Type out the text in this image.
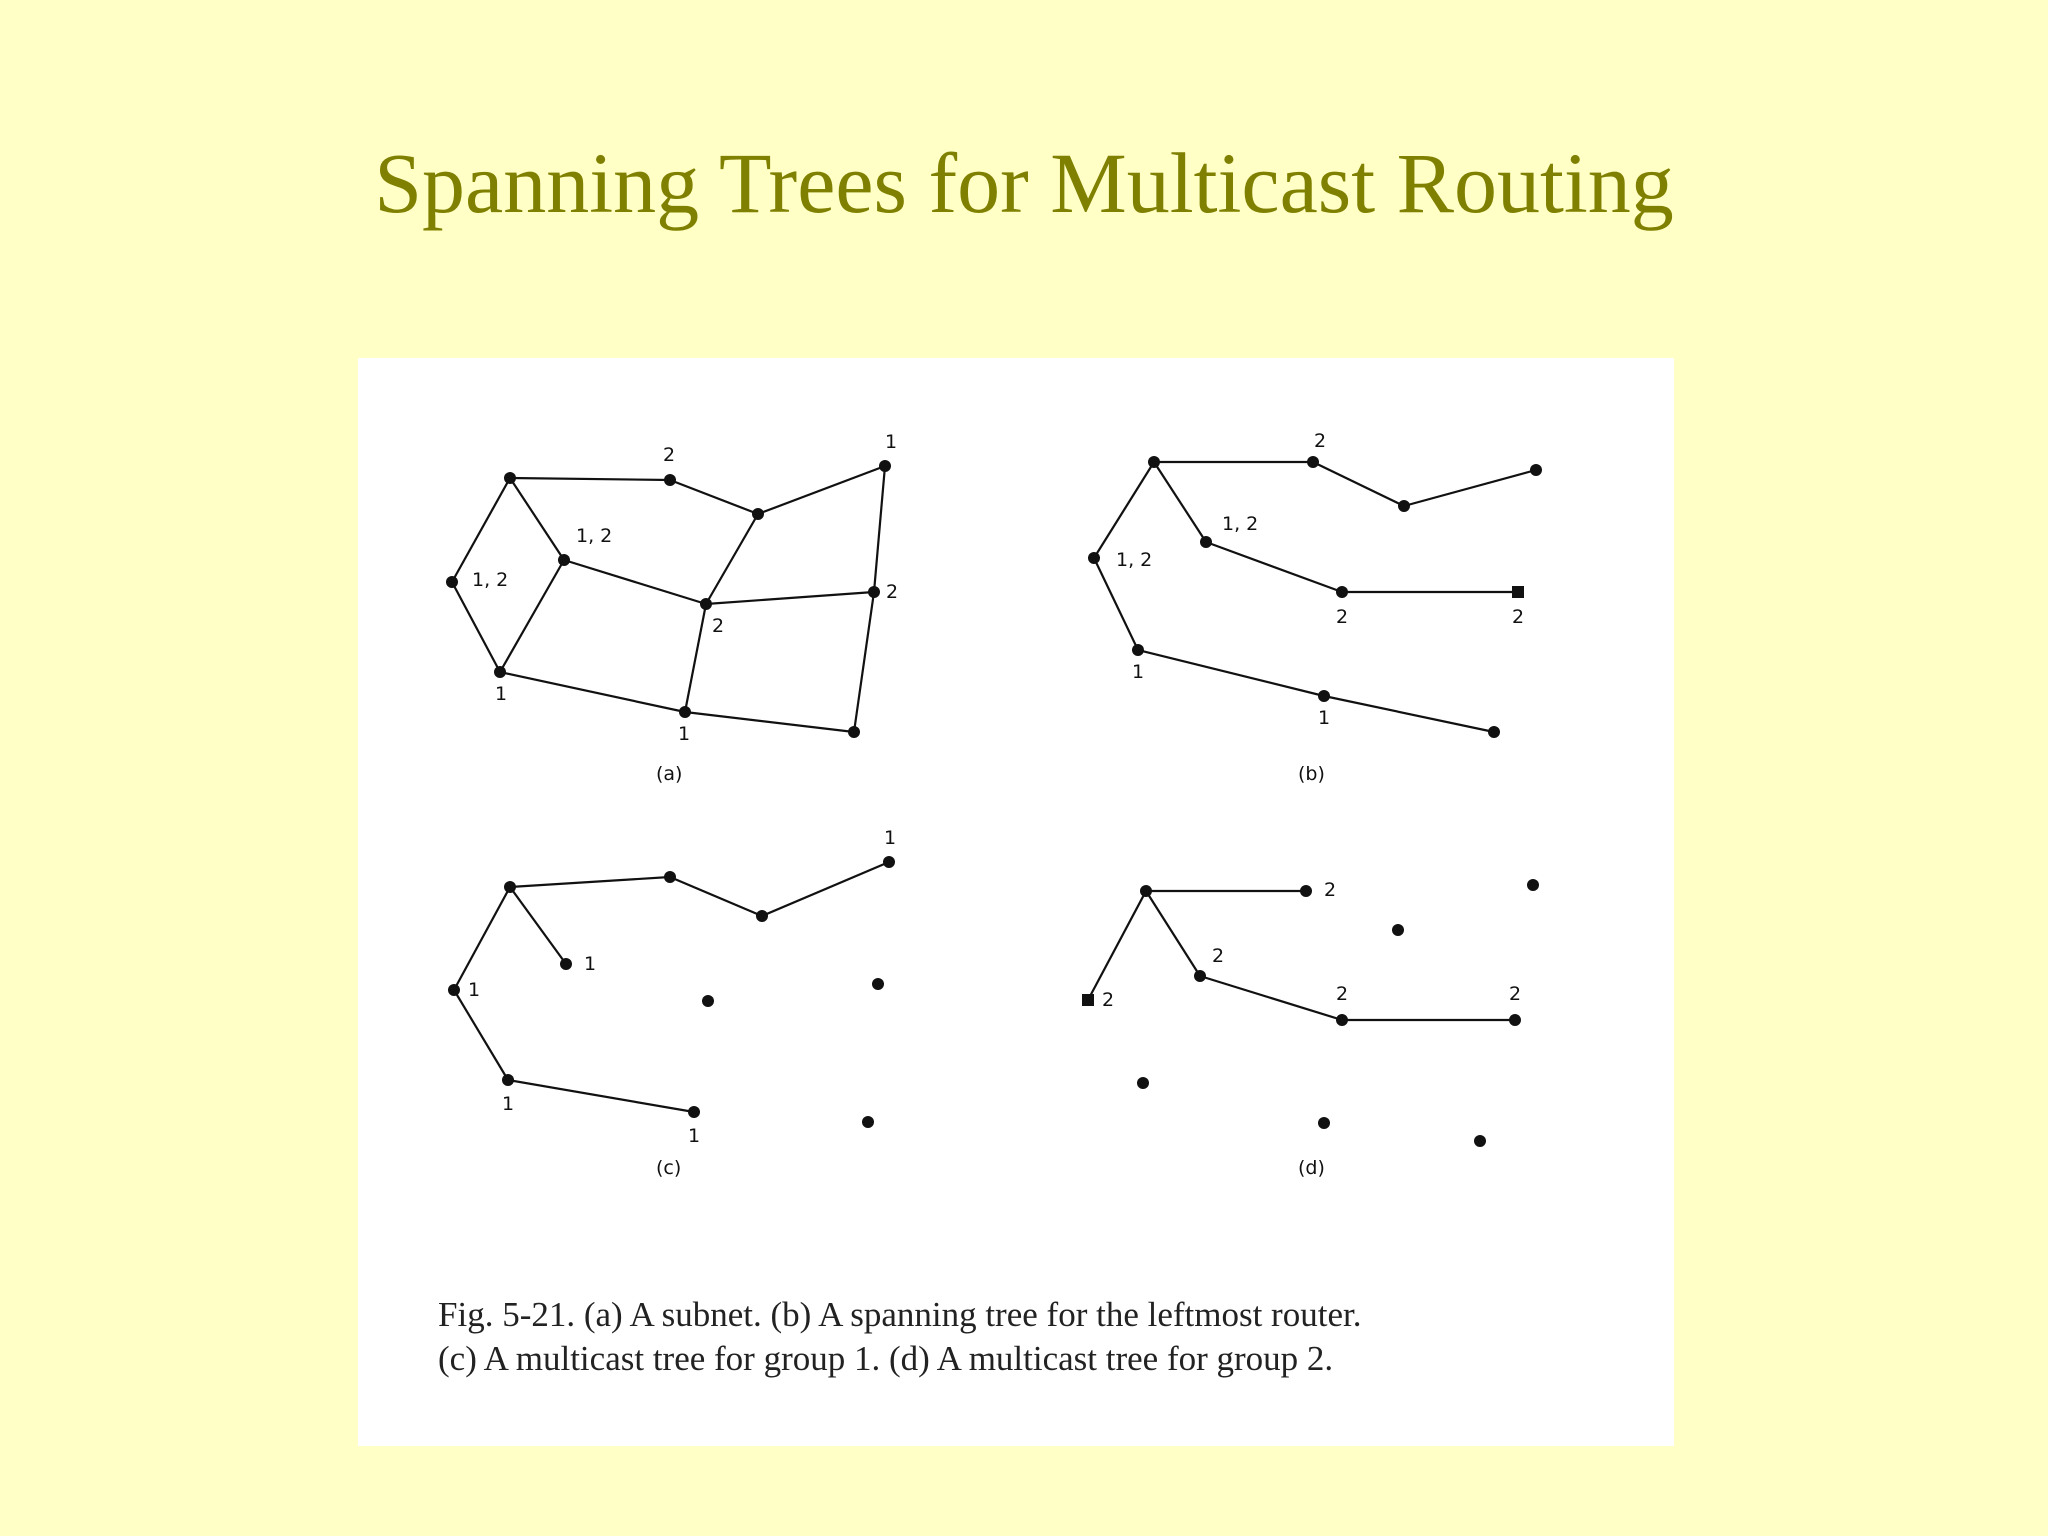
Spanning Trees for Multicast Routing
2
1
1, 2
1, 2
2
2
1
1
(a)
2
1, 2
1, 2
2	2
1
1
(b)
1
1
1
1
1
(c)
2
2
2	2	2
(d)

Fig. 5-21. (a) A subnet. (b) A spanning tree for the leftmost router.
(c) A multicast tree for group 1. (d) A multicast tree for group 2.
